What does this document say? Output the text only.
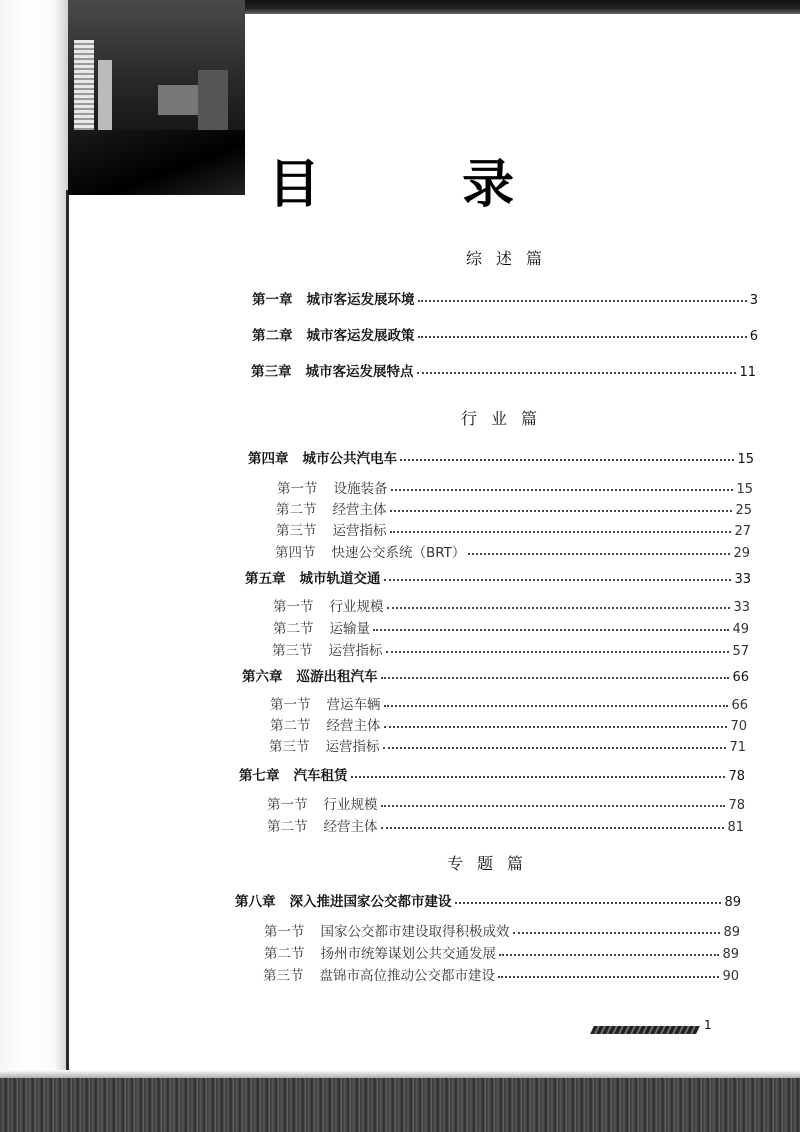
目 录
综述篇
第一章 城市客运发展环境	3
第二章 城市客运发展政策	6
第三章 城市客运发展特点	11
行业篇
第四章 城市公共汽电车	15
第一节 设施装备	15
第二节 经营主体	25
第三节 运营指标	27
第四节 快速公交系统（BRT）	29
第五章 城市轨道交通	33
第一节 行业规模	33
第二节 运输量	49
第三节 运营指标	57
第六章 巡游出租汽车	66
第一节 营运车辆	66
第二节 经营主体	70
第三节 运营指标	71
第七章 汽车租赁	78
第一节 行业规模	78
第二节 经营主体	81
专题篇
第八章 深入推进国家公交都市建设	89
第一节 国家公交都市建设取得积极成效	89
第二节 扬州市统筹谋划公共交通发展	89
第三节 盘锦市高位推动公交都市建设	90
1
